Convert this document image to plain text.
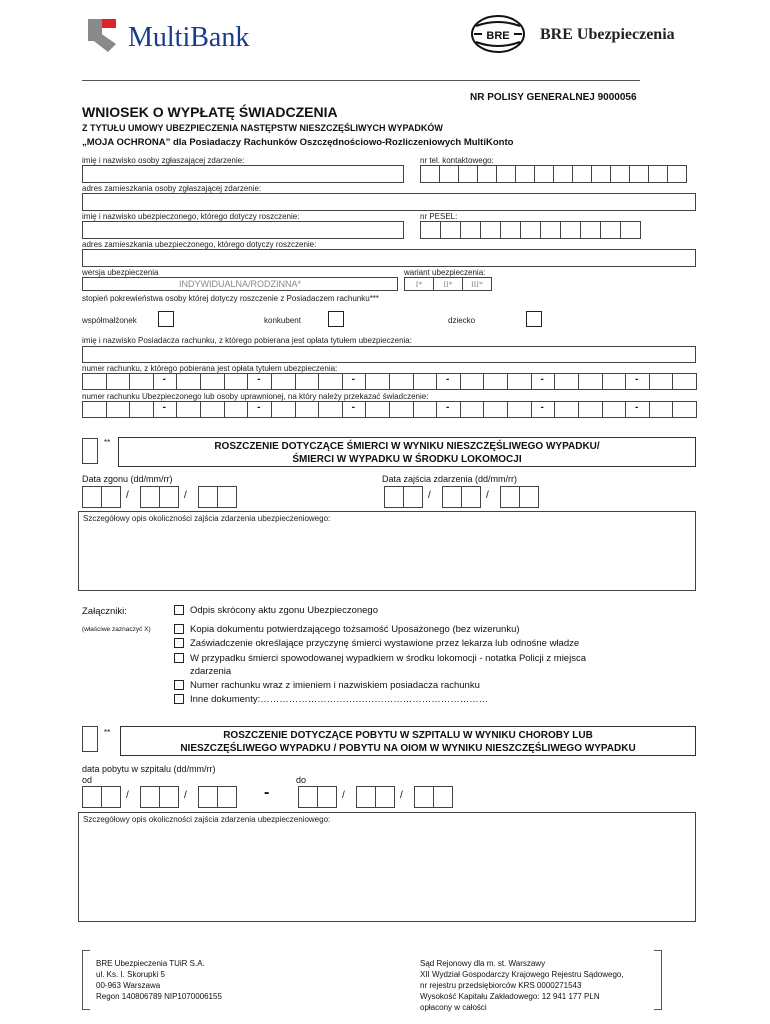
MultiBank	BRE BRE Ubezpieczenia
NR POLISY GENERALNEJ 9000056
WNIOSEK O WYPŁATĘ ŚWIADCZENIA
Z TYTUŁU UMOWY UBEZPIECZENIA NASTĘPSTW NIESZCZĘŚLIWYCH WYPADKÓW
„MOJA OCHRONA” dla Posiadaczy Rachunków Oszczędnościowo-Rozliczeniowych MultiKonto
imię i nazwisko osoby zgłaszającej zdarzenie:	nr tel. kontaktowego:
adres zamieszkania osoby zgłaszającej zdarzenie:
imię i nazwisko ubezpieczonego, którego dotyczy roszczenie:	nr PESEL:
adres zamieszkania ubezpieczonego, którego dotyczy roszczenie:
wersja ubezpieczenia	wariant ubezpieczenia:
INDYWIDUALNA/RODZINNA*	I*	II*	III*
stopień pokrewieństwa osoby której dotyczy roszczenie z Posiadaczem rachunku***
współmałżonek	konkubent	dziecko
imię i nazwisko Posiadacza rachunku, z którego pobierana jest opłata tytułem ubezpieczenia:
numer rachunku, z którego pobierana jest opłata tytułem ubezpieczenia:
-	-	-	-	-	-
numer rachunku Ubezpieczonego lub osoby uprawnionej, na który należy przekazać świadczenie:
-	-	-	-	-	-
**	ROSZCZENIE DOTYCZĄCE ŚMIERCI W WYNIKU NIESZCZĘŚLIWEGO WYPADKU/
ŚMIERCI W WYPADKU W ŚRODKU LOKOMOCJI
Data zgonu (dd/mm/rr)	Data zajścia zdarzenia (dd/mm/rr)
/	/	/	/
Szczegółowy opis okoliczności zajścia zdarzenia ubezpieczeniowego:
Załączniki:
(właściwe zaznaczyć X)
Odpis skrócony aktu zgonu Ubezpieczonego
Kopia dokumentu potwierdzającego tożsamość Uposażonego (bez wizerunku)
Zaświadczenie określające przyczynę śmierci wystawione przez lekarza lub odnośne władze
W przypadku śmierci spowodowanej wypadkiem w środku lokomocji - notatka Policji z miejsca
zdarzenia
Numer rachunku wraz z imieniem i nazwiskiem posiadacza rachunku
Inne dokumenty:………………………………………………………………
**	ROSZCZENIE DOTYCZĄCE POBYTU W SZPITALU W WYNIKU CHOROBY LUB
NIESZCZĘŚLIWEGO WYPADKU / POBYTU NA OIOM W WYNIKU NIESZCZĘŚLIWEGO WYPADKU
data pobytu w szpitalu (dd/mm/rr)
od	do
/	/	-	/	/
Szczegółowy opis okoliczności zajścia zdarzenia ubezpieczeniowego:
BRE Ubezpieczenia TUiR S.A.
ul. Ks. I. Skorupki 5
00-963 Warszawa
Regon 140806789 NIP1070006155
Sąd Rejonowy dla m. st. Warszawy
XII Wydział Gospodarczy Krajowego Rejestru Sądowego,
nr rejestru przedsiębiorców KRS 0000271543
Wysokość Kapitału Zakładowego: 12 941 177 PLN
opłacony w całości
